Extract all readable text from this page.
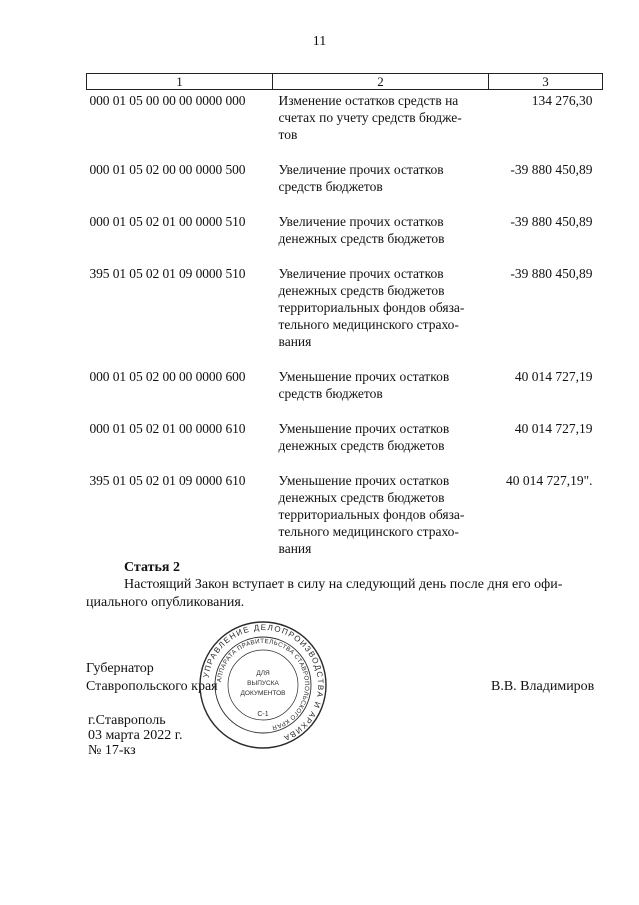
11
1	2	3
000 01 05 00 00 00 0000 000	Изменение остатков средств на
счетах по учету средств бюдже-
тов	134 276,30
000 01 05 02 00 00 0000 500	Увеличение прочих остатков
средств бюджетов	-39 880 450,89
000 01 05 02 01 00 0000 510	Увеличение прочих остатков
денежных средств бюджетов	-39 880 450,89
395 01 05 02 01 09 0000 510	Увеличение прочих остатков
денежных средств бюджетов
территориальных фондов обяза-
тельного медицинского страхо-
вания	-39 880 450,89
000 01 05 02 00 00 0000 600	Уменьшение прочих остатков
средств бюджетов	40 014 727,19
000 01 05 02 01 00 0000 610	Уменьшение прочих остатков
денежных средств бюджетов	40 014 727,19
395 01 05 02 01 09 0000 610	Уменьшение прочих остатков
денежных средств бюджетов
территориальных фондов обяза-
тельного медицинского страхо-
вания	40 014 727,19".
Статья 2
Настоящий Закон вступает в силу на следующий день после дня его офи-
циального опубликования.
Губернатор
Ставропольского края	В.В. Владимиров
г.Ставрополь
03 марта 2022 г.
№ 17-кз
УПРАВЛЕНИЕ ДЕЛОПРОИЗВОДСТВА И АРХИВА
АППАРАТА ПРАВИТЕЛЬСТВА СТАВРОПОЛЬСКОГО КРАЯ
ДЛЯ
ВЫПУСКА
ДОКУМЕНТОВ
С-1
